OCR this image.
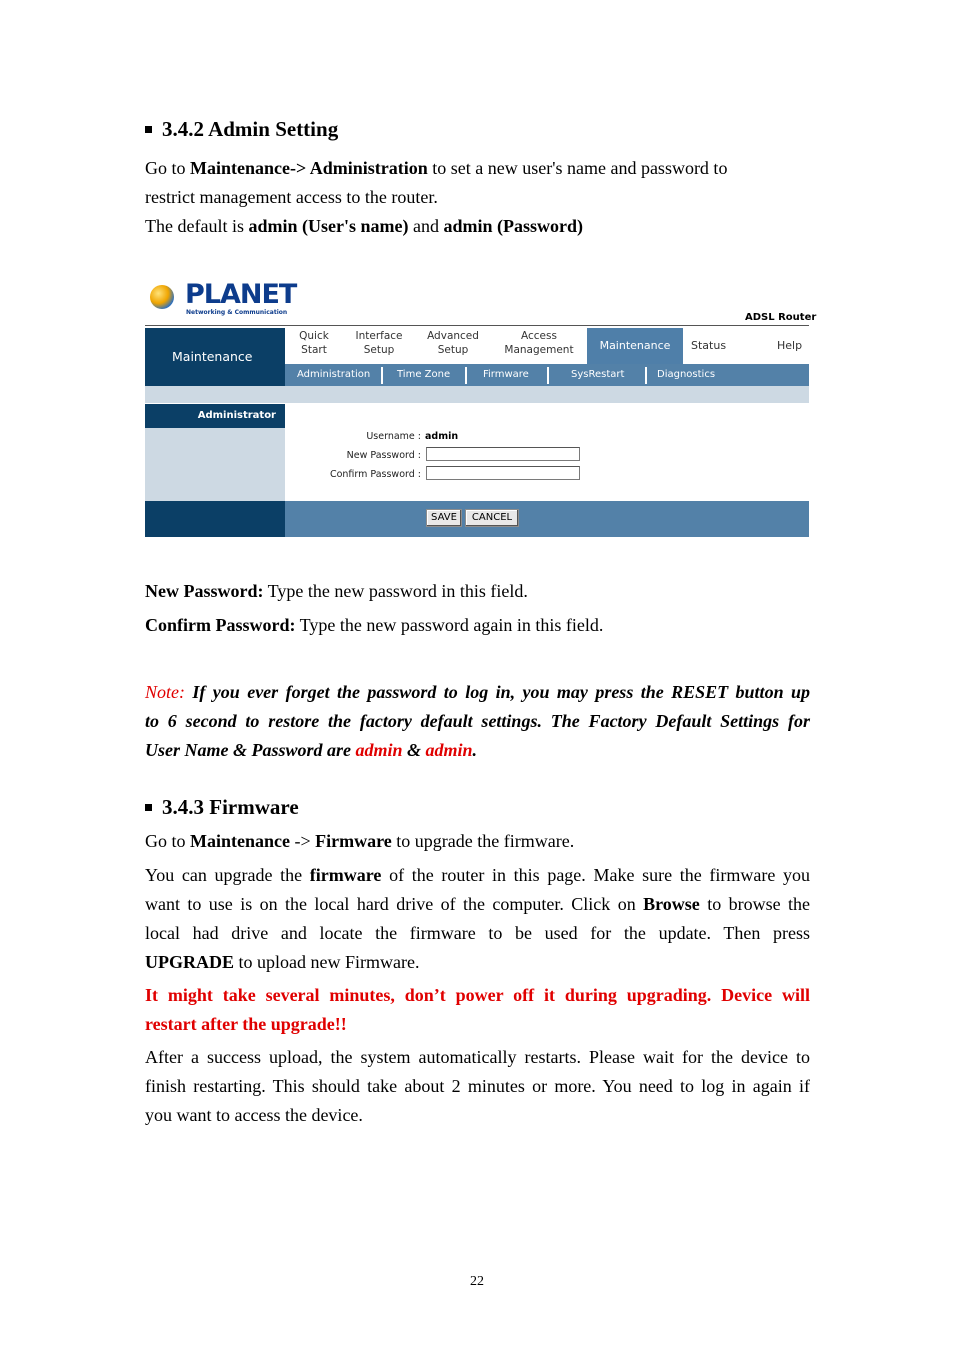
3.4.2 Admin Setting
Go to Maintenance-> Administration to set a new user's name and password to
restrict management access to the router.
The default is admin (User's name) and admin (Password)
PLANET
Networking & Communication	ADSL Router
Maintenance
Quick
Start
Interface
Setup
Advanced
Setup
Access
Management	Maintenance	Status	Help
Administration	Time Zone	Firmware	SysRestart	Diagnostics
Administrator
Username : admin
New Password :
Confirm Password :
SAVE	CANCEL
New Password: Type the new password in this field.
Confirm Password: Type the new password again in this field.
Note: If you ever forget the password to log in, you may press the RESET button up
to 6 second to restore the factory default settings. The Factory Default Settings for
User Name & Password are admin & admin.
3.4.3 Firmware
Go to Maintenance -> Firmware to upgrade the firmware.
You can upgrade the firmware of the router in this page. Make sure the firmware you
want to use is on the local hard drive of the computer. Click on Browse to browse the
local had drive and locate the firmware to be used for the update. Then press
UPGRADE to upload new Firmware.
It might take several minutes, don’t power off it during upgrading. Device will
restart after the upgrade!!
After a success upload, the system automatically restarts. Please wait for the device to
finish restarting. This should take about 2 minutes or more. You need to log in again if
you want to access the device.
22
